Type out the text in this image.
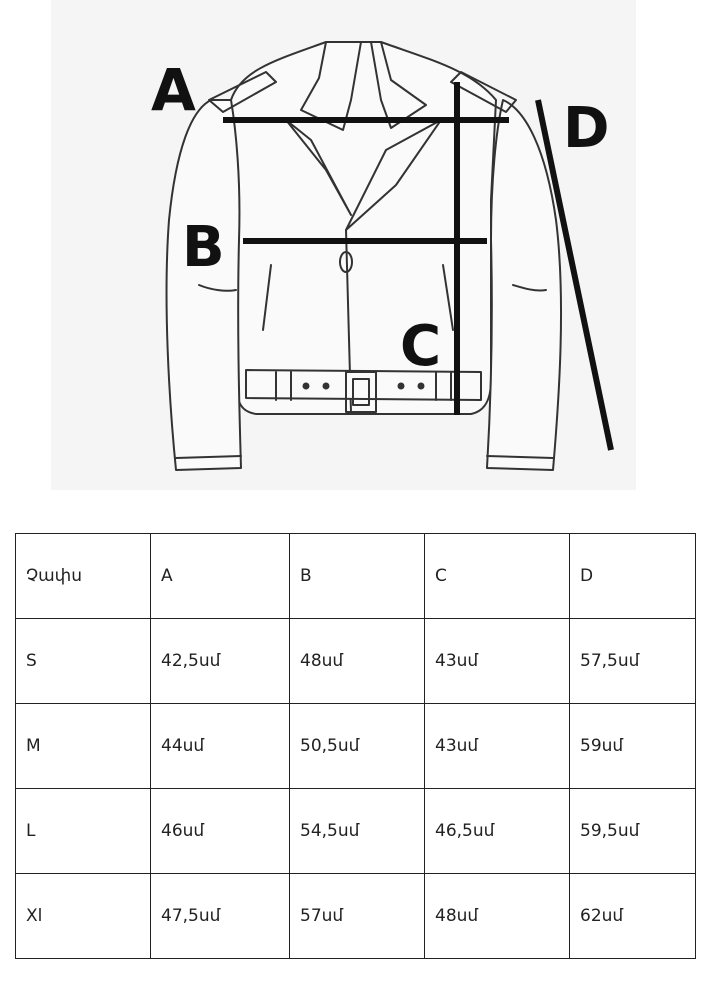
A
B
C
D
Չափս	A	B	C	D
S	42,5սմ	48սմ	43սմ	57,5սմ
M	44սմ	50,5սմ	43սմ	59սմ
L	46սմ	54,5սմ	46,5սմ	59,5սմ
Xl	47,5սմ	57սմ	48սմ	62սմ
